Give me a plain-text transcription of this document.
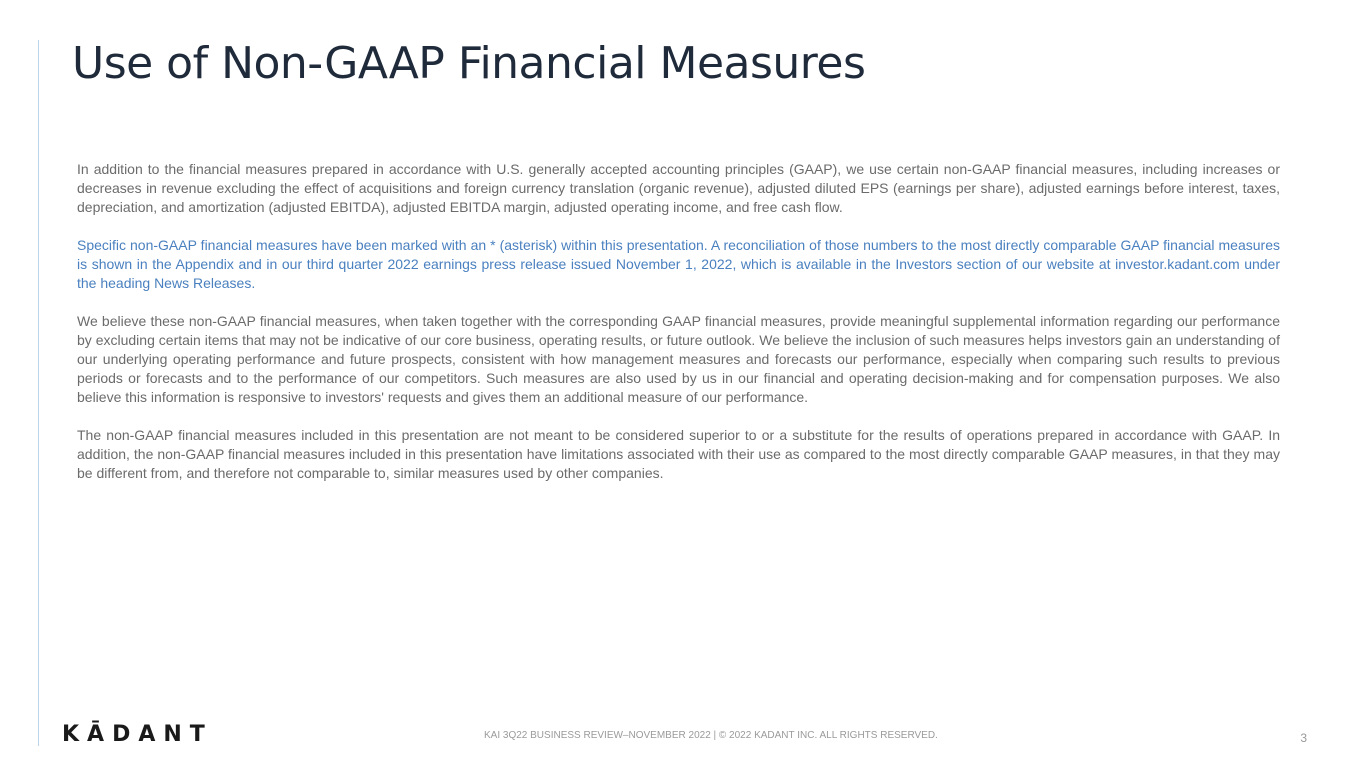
Use of Non-GAAP Financial Measures

In addition to the financial measures prepared in accordance with U.S. generally accepted accounting principles (GAAP), we use certain non-GAAP financial measures, including increases or decreases in revenue excluding the effect of acquisitions and foreign currency translation (organic revenue), adjusted diluted EPS (earnings per share), adjusted earnings before interest, taxes, depreciation, and amortization (adjusted EBITDA), adjusted EBITDA margin, adjusted operating income, and free cash flow.

Specific non-GAAP financial measures have been marked with an * (asterisk) within this presentation. A reconciliation of those numbers to the most directly comparable GAAP financial measures is shown in the Appendix and in our third quarter 2022 earnings press release issued November 1, 2022, which is available in the Investors section of our website at investor.kadant.com under the heading News Releases.

We believe these non-GAAP financial measures, when taken together with the corresponding GAAP financial measures, provide meaningful supplemental information regarding our performance by excluding certain items that may not be indicative of our core business, operating results, or future outlook. We believe the inclusion of such measures helps investors gain an understanding of our underlying operating performance and future prospects, consistent with how management measures and forecasts our performance, especially when comparing such results to previous periods or forecasts and to the performance of our competitors. Such measures are also used by us in our financial and operating decision-making and for compensation purposes. We also believe this information is responsive to investors' requests and gives them an additional measure of our performance.

The non-GAAP financial measures included in this presentation are not meant to be considered superior to or a substitute for the results of operations prepared in accordance with GAAP. In addition, the non-GAAP financial measures included in this presentation have limitations associated with their use as compared to the most directly comparable GAAP measures, in that they may be different from, and therefore not comparable to, similar measures used by other companies.

KĀDANT	KAI 3Q22 BUSINESS REVIEW–NOVEMBER 2022 | © 2022 KADANT INC. ALL RIGHTS RESERVED.	3
